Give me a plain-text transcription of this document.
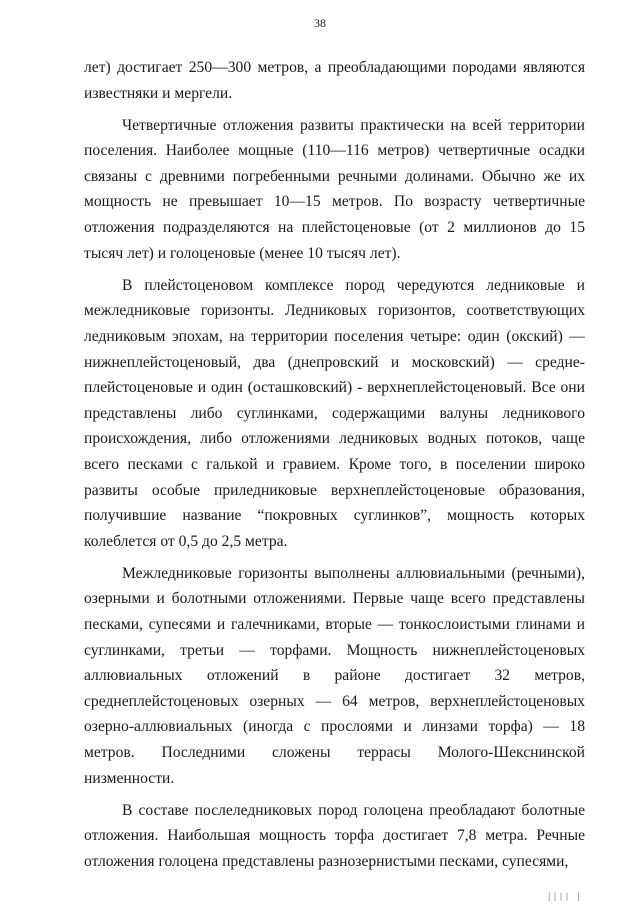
38

лет) достигает 250—300 метров, а преобладающими породами являются известняки и мергели.

Четвертичные отложения развиты практически на всей территории поселения. Наиболее мощные (110—116 метров) четвертичные осадки связаны с древними погребенными речными долинами. Обычно же их мощность не превышает 10—15 метров. По возрасту четвертичные отложения подразделяются на плейстоценовые (от 2 миллионов до 15 тысяч лет) и голоценовые (менее 10 тысяч лет).

В плейстоценовом комплексе пород чередуются ледниковые и межледниковые горизонты. Ледниковых горизонтов, соответствующих ледниковым эпохам, на территории поселения четыре: один (окский) — нижнеплейстоценовый, два (днепровский и московский) — средне-плейстоценовые и один (осташковский) - верхнеплейстоценовый. Все они представлены либо суглинками, содержащими валуны ледникового происхождения, либо отложениями ледниковых водных потоков, чаще всего песками с галькой и гравием. Кроме того, в поселении широко развиты особые приледниковые верхнеплейстоценовые образования, получившие название “покровных суглинков”, мощность которых колеблется от 0,5 до 2,5 метра.

Межледниковые горизонты выполнены аллювиальными (речными), озерными и болотными отложениями. Первые чаще всего представлены песками, супесями и галечниками, вторые — тонкослоистыми глинами и суглинками, третьи — торфами. Мощность нижнеплейстоценовых аллювиальных отложений в районе достигает 32 метров, среднеплейстоценовых озерных — 64 метров, верхнеплейстоценовых озерно-аллювиальных (иногда с прослоями и линзами торфа) — 18 метров. Последними сложены террасы Молого-Шекснинской низменности.

В составе послеледниковых пород голоцена преобладают болотные отложения. Наибольшая мощность торфа достигает 7,8 метра. Речные отложения голоцена представлены разнозернистыми песками, супесями,

││││  │
